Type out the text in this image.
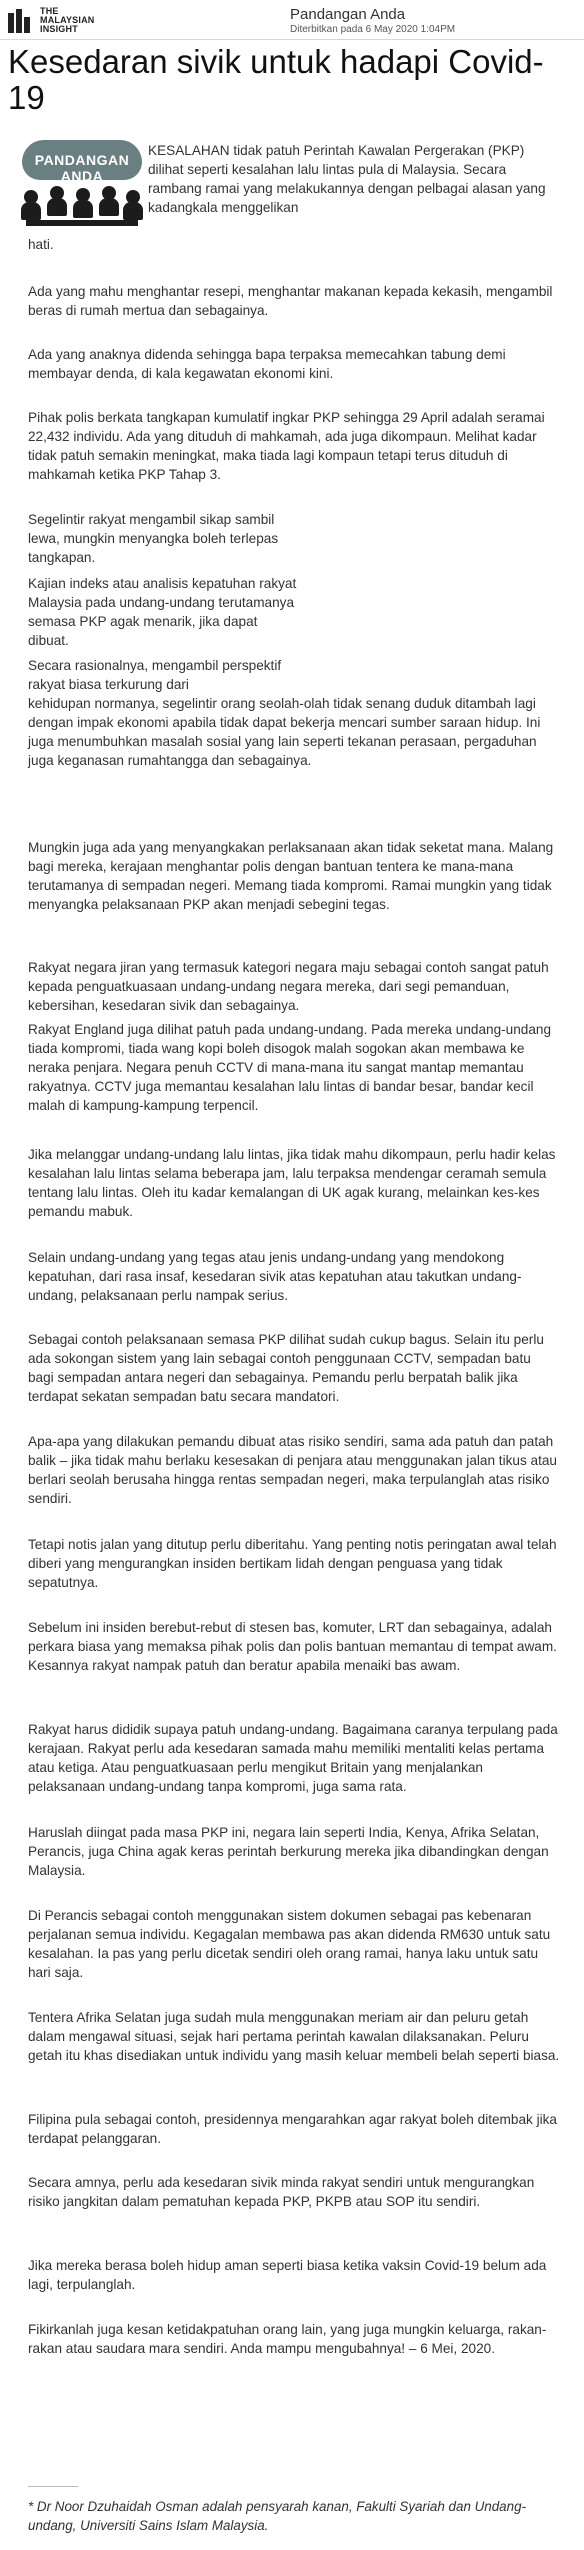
THE
MALAYSIAN
INSIGHT
Pandangan Anda
Diterbitkan pada 6 May 2020 1:04PM
Kesedaran sivik untuk hadapi Covid-19
PANDANGAN ANDA
KESALAHAN tidak patuh Perintah Kawalan Pergerakan (PKP) dilihat seperti kesalahan lalu lintas pula di Malaysia. Secara rambang ramai yang melakukannya dengan pelbagai alasan yang kadangkala menggelikan
hati.
Ada yang mahu menghantar resepi, menghantar makanan kepada kekasih, mengambil beras di rumah mertua dan sebagainya.
Ada yang anaknya didenda sehingga bapa terpaksa memecahkan tabung demi membayar denda, di kala kegawatan ekonomi kini.
Pihak polis berkata tangkapan kumulatif ingkar PKP sehingga 29 April adalah seramai 22,432 individu. Ada yang dituduh di mahkamah, ada juga dikompaun. Melihat kadar tidak patuh semakin meningkat, maka tiada lagi kompaun tetapi terus dituduh di mahkamah ketika PKP Tahap 3.
Segelintir rakyat mengambil sikap sambil lewa, mungkin menyangka boleh terlepas tangkapan.
Kajian indeks atau analisis kepatuhan rakyat Malaysia pada undang-undang terutamanya semasa PKP agak menarik, jika dapat dibuat.
Secara rasionalnya, mengambil perspektif rakyat biasa terkurung dari
kehidupan normanya, segelintir orang seolah-olah tidak senang duduk ditambah lagi dengan impak ekonomi apabila tidak dapat bekerja mencari sumber saraan hidup. Ini juga menumbuhkan masalah sosial yang lain seperti tekanan perasaan, pergaduhan juga keganasan rumahtangga dan sebagainya.
Mungkin juga ada yang menyangkakan perlaksanaan akan tidak seketat mana. Malang bagi mereka, kerajaan menghantar polis dengan bantuan tentera ke mana-mana terutamanya di sempadan negeri. Memang tiada kompromi. Ramai mungkin yang tidak menyangka pelaksanaan PKP akan menjadi sebegini tegas.
Rakyat negara jiran yang termasuk kategori negara maju sebagai contoh sangat patuh kepada penguatkuasaan undang-undang negara mereka, dari segi pemanduan, kebersihan, kesedaran sivik dan sebagainya.
Rakyat England juga dilihat patuh pada undang-undang. Pada mereka undang-undang tiada kompromi, tiada wang kopi boleh disogok malah sogokan akan membawa ke neraka penjara. Negara penuh CCTV di mana-mana itu sangat mantap memantau rakyatnya. CCTV juga memantau kesalahan lalu lintas di bandar besar, bandar kecil malah di kampung-kampung terpencil.
Jika melanggar undang-undang lalu lintas, jika tidak mahu dikompaun, perlu hadir kelas kesalahan lalu lintas selama beberapa jam, lalu terpaksa mendengar ceramah semula tentang lalu lintas. Oleh itu kadar kemalangan di UK agak kurang, melainkan kes-kes pemandu mabuk.
Selain undang-undang yang tegas atau jenis undang-undang yang mendokong kepatuhan, dari rasa insaf, kesedaran sivik atas kepatuhan atau takutkan undang-undang, pelaksanaan perlu nampak serius.
Sebagai contoh pelaksanaan semasa PKP dilihat sudah cukup bagus. Selain itu perlu ada sokongan sistem yang lain sebagai contoh penggunaan CCTV, sempadan batu bagi sempadan antara negeri dan sebagainya. Pemandu perlu berpatah balik jika terdapat sekatan sempadan batu secara mandatori.
Apa-apa yang dilakukan pemandu dibuat atas risiko sendiri, sama ada patuh dan patah balik – jika tidak mahu berlaku kesesakan di penjara atau menggunakan jalan tikus atau berlari seolah berusaha hingga rentas sempadan negeri, maka terpulanglah atas risiko sendiri.
Tetapi notis jalan yang ditutup perlu diberitahu. Yang penting notis peringatan awal telah diberi yang mengurangkan insiden bertikam lidah dengan penguasa yang tidak sepatutnya.
Sebelum ini insiden berebut-rebut di stesen bas, komuter, LRT dan sebagainya, adalah perkara biasa yang memaksa pihak polis dan polis bantuan memantau di tempat awam. Kesannya rakyat nampak patuh dan beratur apabila menaiki bas awam.
Rakyat harus dididik supaya patuh undang-undang. Bagaimana caranya terpulang pada kerajaan. Rakyat perlu ada kesedaran samada mahu memiliki mentaliti kelas pertama atau ketiga. Atau penguatkuasaan perlu mengikut Britain yang menjalankan pelaksanaan undang-undang tanpa kompromi, juga sama rata.
Haruslah diingat pada masa PKP ini, negara lain seperti India, Kenya, Afrika Selatan, Perancis, juga China agak keras perintah berkurung mereka jika dibandingkan dengan Malaysia.
Di Perancis sebagai contoh menggunakan sistem dokumen sebagai pas kebenaran perjalanan semua individu. Kegagalan membawa pas akan didenda RM630 untuk satu kesalahan. Ia pas yang perlu dicetak sendiri oleh orang ramai, hanya laku untuk satu hari saja.
Tentera Afrika Selatan juga sudah mula menggunakan meriam air dan peluru getah dalam mengawal situasi, sejak hari pertama perintah kawalan dilaksanakan. Peluru getah itu khas disediakan untuk individu yang masih keluar membeli belah seperti biasa.
Filipina pula sebagai contoh, presidennya mengarahkan agar rakyat boleh ditembak jika terdapat pelanggaran.
Secara amnya, perlu ada kesedaran sivik minda rakyat sendiri untuk mengurangkan risiko jangkitan dalam pematuhan kepada PKP, PKPB atau SOP itu sendiri.
Jika mereka berasa boleh hidup aman seperti biasa ketika vaksin Covid-19 belum ada lagi, terpulanglah.
Fikirkanlah juga kesan ketidakpatuhan orang lain, yang juga mungkin keluarga, rakan-rakan atau saudara mara sendiri. Anda mampu mengubahnya! – 6 Mei, 2020.
* Dr Noor Dzuhaidah Osman adalah pensyarah kanan, Fakulti Syariah dan Undang-undang, Universiti Sains Islam Malaysia.
